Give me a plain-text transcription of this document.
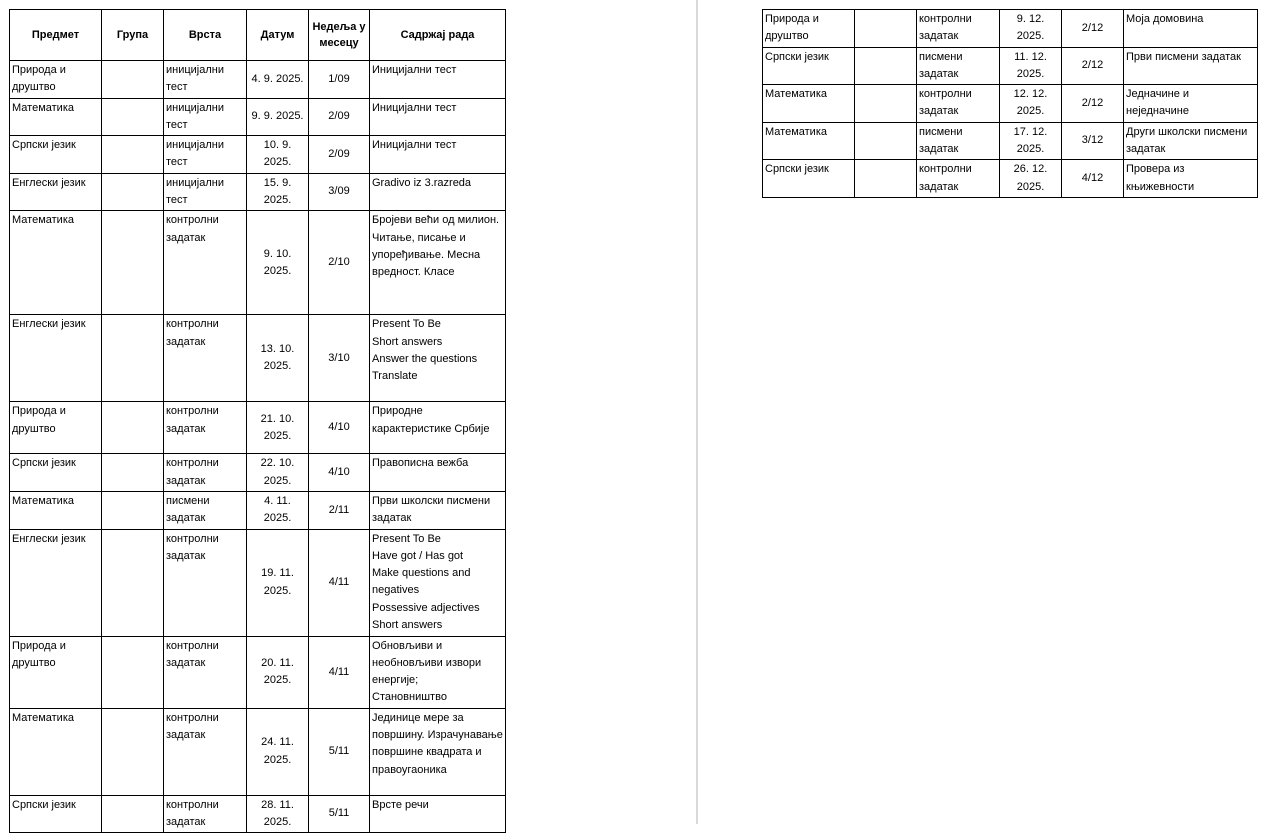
Предмет	Група	Врста	Датум	Недеља у месецу	Садржај рада
Природа и друштво		иницијални тест	4. 9. 2025.	1/09	Иницијални тест
Математика		иницијални тест	9. 9. 2025.	2/09	Иницијални тест
Српски језик		иницијални тест	10. 9. 2025.	2/09	Иницијални тест
Енглески језик		иницијални тест	15. 9. 2025.	3/09	Gradivo iz 3.razreda
Математика		контролни задатак	9. 10. 2025.	2/10	Бројеви већи од милион. Читање, писање и упоређивање. Месна вредност. Класе
Енглески језик		контролни задатак	13. 10. 2025.	3/10	Present To Be
Short answers
Answer the questions
Translate
Природа и друштво		контролни задатак	21. 10. 2025.	4/10	Природне карактеристике Србије
Српски језик		контролни задатак	22. 10. 2025.	4/10	Правописна вежба
Математика		писмени задатак	4. 11. 2025.	2/11	Први школски писмени задатак
Енглески језик		контролни задатак	19. 11. 2025.	4/11	Present To Be
Have got / Has got
Make questions and negatives
Possessive adjectives
Short answers
Природа и друштво		контролни задатак	20. 11. 2025.	4/11	Обновљиви и необновљиви извори енергије;
Становништво
Математика		контролни задатак	24. 11. 2025.	5/11	Јединице мере за површину. Израчунавање површине квадрата и правоугаоника
Српски језик		контролни задатак	28. 11. 2025.	5/11	Врсте речи
Природа и друштво		контролни задатак	9. 12. 2025.	2/12	Моја домовина
Српски језик		писмени задатак	11. 12. 2025.	2/12	Први писмени задатак
Математика		контролни задатак	12. 12. 2025.	2/12	Једначине и неједначине
Математика		писмени задатак	17. 12. 2025.	3/12	Други школски писмени задатак
Српски језик		контролни задатак	26. 12. 2025.	4/12	Провера из књижевности
